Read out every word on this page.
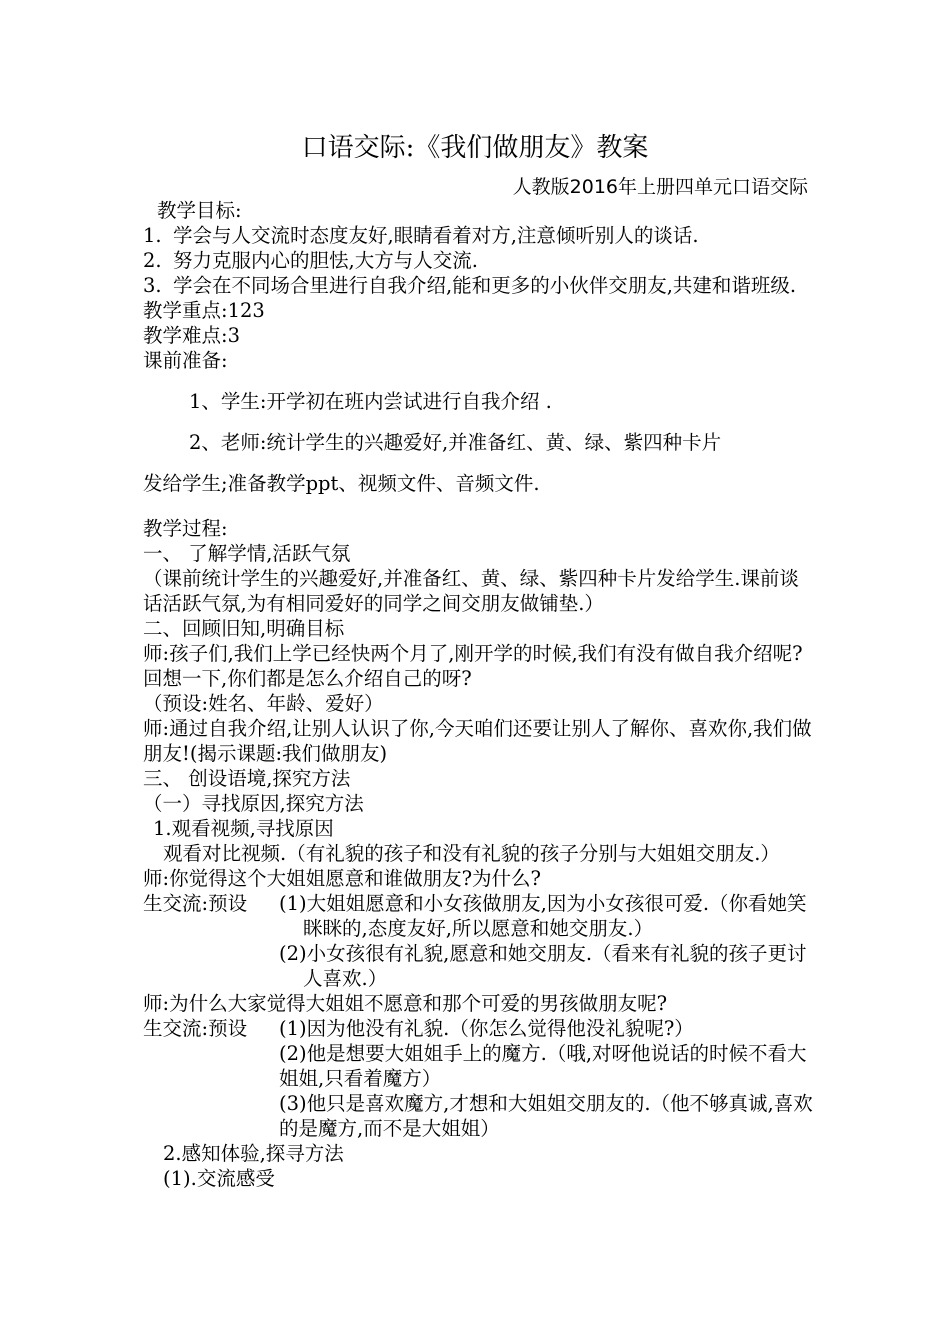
口语交际:《我们做朋友》教案
人教版2016年上册四单元口语交际

教学目标:

1. 学会与人交流时态度友好,眼睛看着对方,注意倾听别人的谈话.
2. 努力克服内心的胆怯,大方与人交流.
3. 学会在不同场合里进行自我介绍,能和更多的小伙伴交朋友,共建和谐班级.

教学重点:123

教学难点:3

课前准备:

1、学生:开学初在班内尝试进行自我介绍 .

2、老师:统计学生的兴趣爱好,并准备红、黄、绿、紫四种卡片

发给学生;准备教学ppt、视频文件、音频文件.

教学过程:

一、 了解学情,活跃气氛

（课前统计学生的兴趣爱好,并准备红、黄、绿、紫四种卡片发给学生.课前谈话活跃气氛,为有相同爱好的同学之间交朋友做铺垫.）

二、回顾旧知,明确目标

师:孩子们,我们上学已经快两个月了,刚开学的时候,我们有没有做自我介绍呢?回想一下,你们都是怎么介绍自己的呀?

（预设:姓名、年龄、爱好）

师:通过自我介绍,让别人认识了你,今天咱们还要让别人了解你、喜欢你,我们做朋友!(揭示课题:我们做朋友)

三、 创设语境,探究方法

（一）寻找原因,探究方法

1.观看视频,寻找原因

观看对比视频.（有礼貌的孩子和没有礼貌的孩子分别与大姐姐交朋友.）

师:你觉得这个大姐姐愿意和谁做朋友?为什么?

生交流:预设	(1)大姐姐愿意和小女孩做朋友,因为小女孩很可爱.（你看她笑眯眯的,态度友好,所以愿意和她交朋友.）

(2)小女孩很有礼貌,愿意和她交朋友.（看来有礼貌的孩子更讨人喜欢.）

师:为什么大家觉得大姐姐不愿意和那个可爱的男孩做朋友呢?

生交流:预设	(1)因为他没有礼貌.（你怎么觉得他没礼貌呢?）

(2)他是想要大姐姐手上的魔方.（哦,对呀他说话的时候不看大姐姐,只看着魔方）

(3)他只是喜欢魔方,才想和大姐姐交朋友的.（他不够真诚,喜欢的是魔方,而不是大姐姐）

2.感知体验,探寻方法

(1).交流感受
